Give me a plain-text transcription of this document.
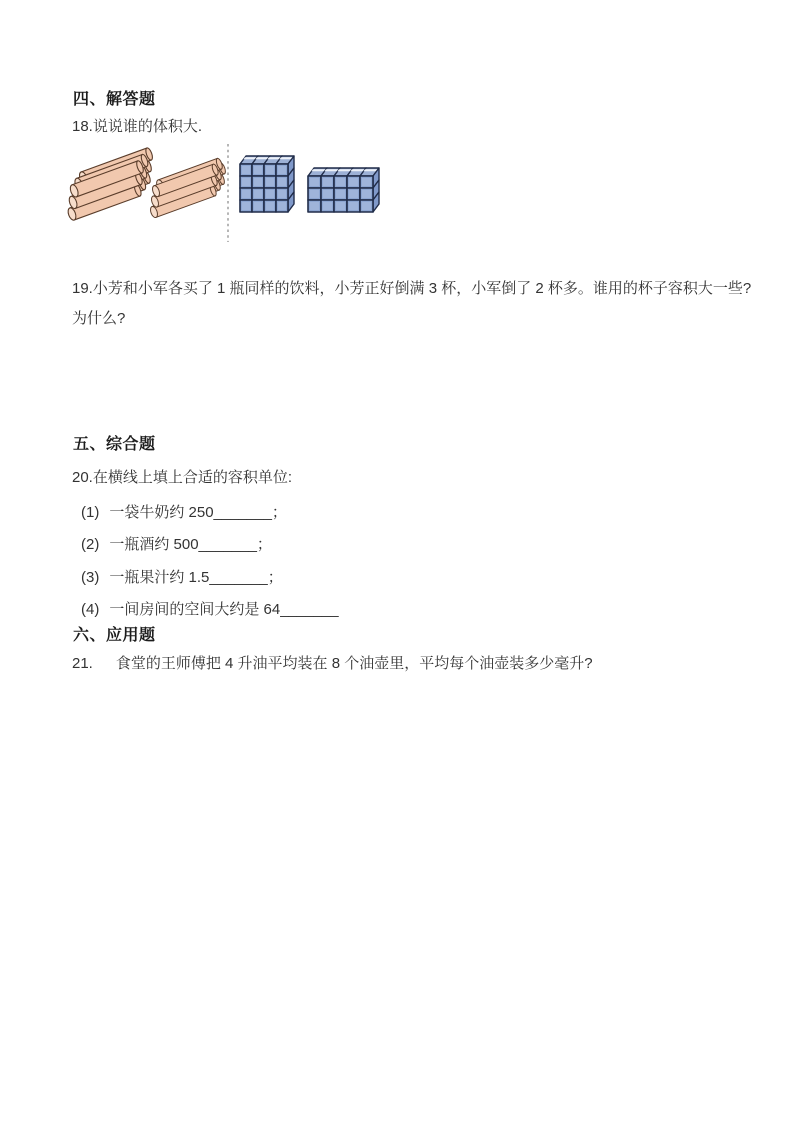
四、解答题
18.说说谁的体积大.
19.小芳和小军各买了 1 瓶同样的饮料，小芳正好倒满 3 杯，小军倒了 2 杯多。谁用的杯子容积大一些?
为什么?
五、综合题
20.在横线上填上合适的容积单位:
(1) 一袋牛奶约 250_______；
(2) 一瓶酒约 500_______；
(3) 一瓶果汁约 1.5_______；
(4) 一间房间的空间大约是 64_______
六、应用题
21. 食堂的王师傅把 4 升油平均装在 8 个油壶里，平均每个油壶装多少毫升?
